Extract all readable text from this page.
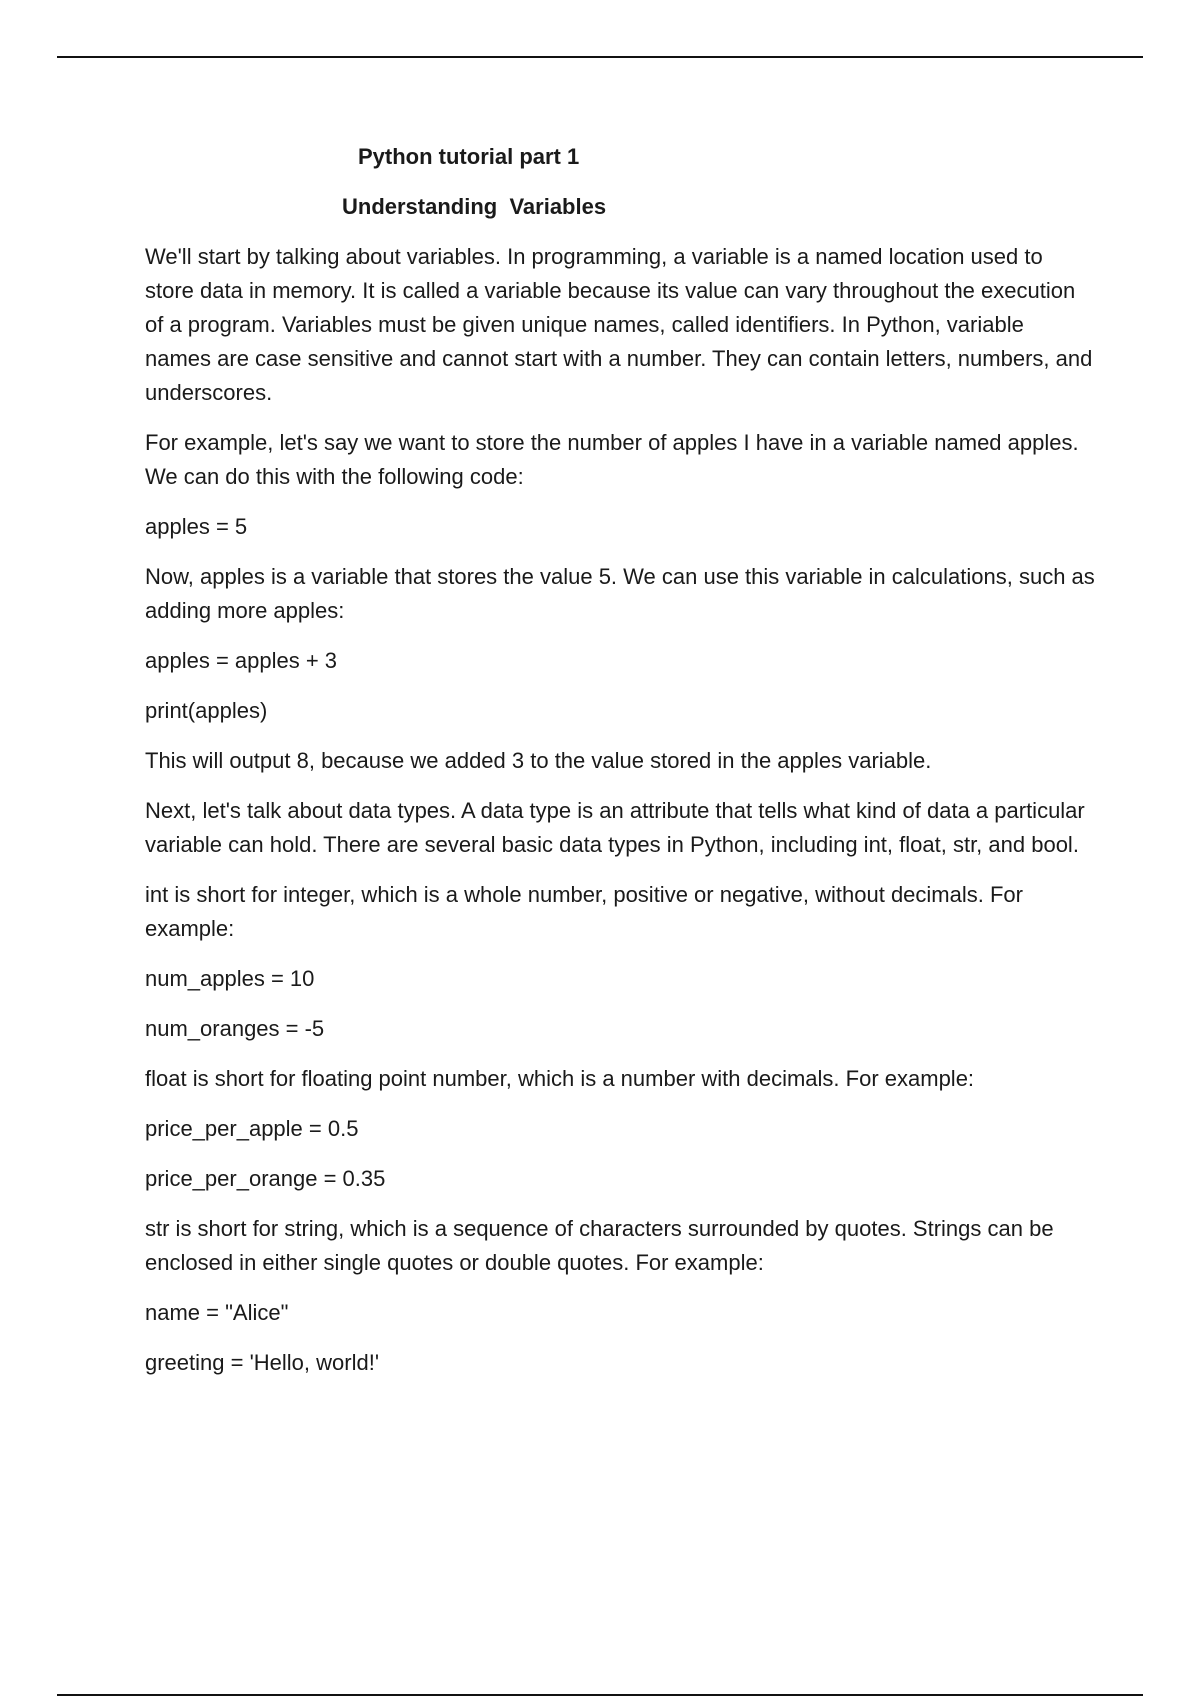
Python tutorial part 1

Understanding  Variables

We'll start by talking about variables. In programming, a variable is a named location used to store data in memory. It is called a variable because its value can vary throughout the execution of a program. Variables must be given unique names, called identifiers. In Python, variable names are case sensitive and cannot start with a number. They can contain letters, numbers, and underscores.

For example, let's say we want to store the number of apples I have in a variable named apples. We can do this with the following code:

apples = 5

Now, apples is a variable that stores the value 5. We can use this variable in calculations, such as adding more apples:

apples = apples + 3

print(apples)

This will output 8, because we added 3 to the value stored in the apples variable.

Next, let's talk about data types. A data type is an attribute that tells what kind of data a particular variable can hold. There are several basic data types in Python, including int, float, str, and bool.

int is short for integer, which is a whole number, positive or negative, without decimals. For example:

num_apples = 10

num_oranges = -5

float is short for floating point number, which is a number with decimals. For example:

price_per_apple = 0.5

price_per_orange = 0.35

str is short for string, which is a sequence of characters surrounded by quotes. Strings can be enclosed in either single quotes or double quotes. For example:

name = "Alice"

greeting = 'Hello, world!'
